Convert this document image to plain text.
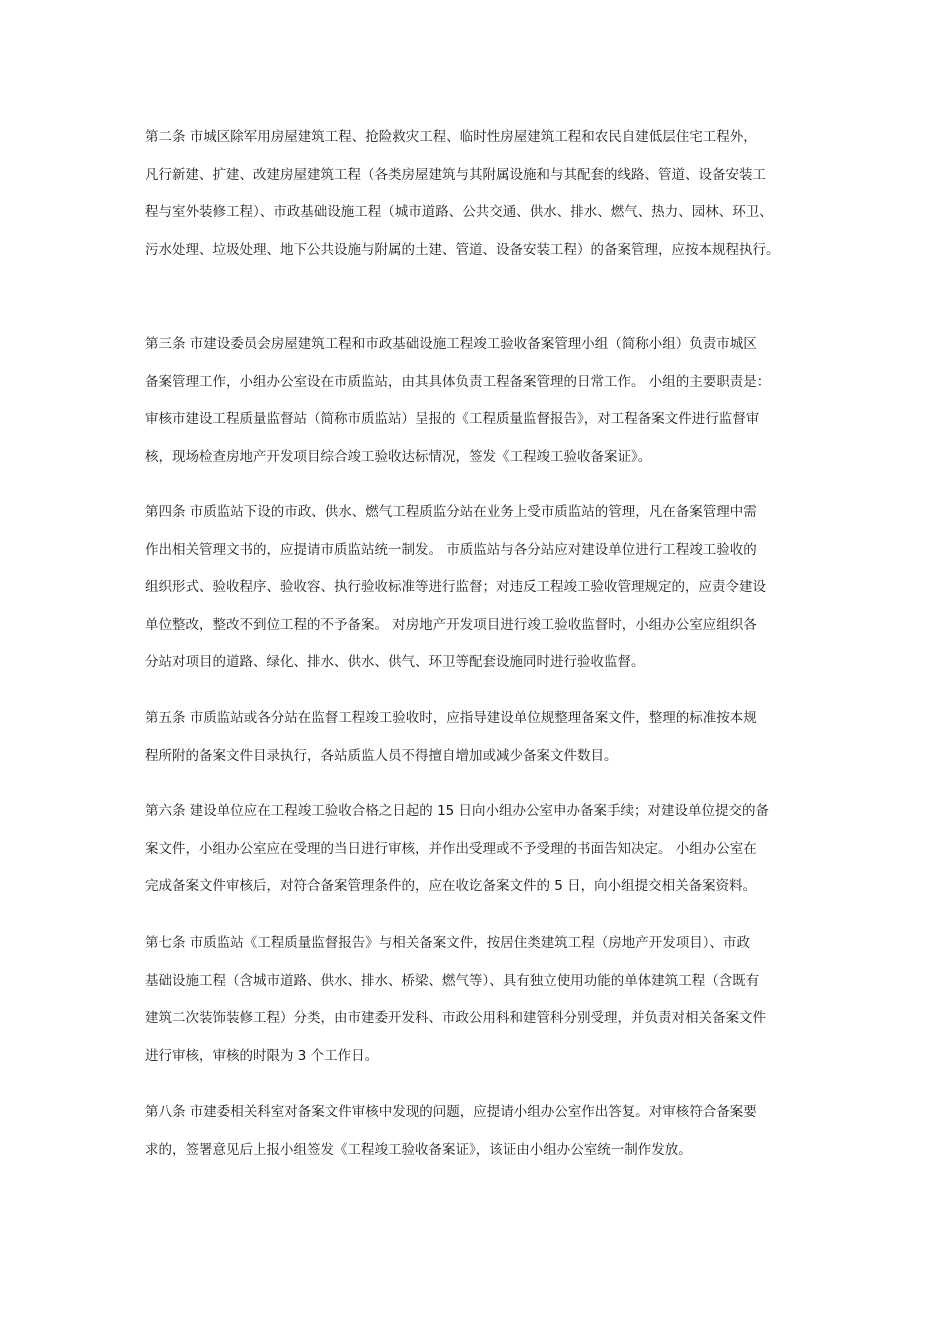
第二条 市城区除军用房屋建筑工程、抢险救灾工程、临时性房屋建筑工程和农民自建低层住宅工程外，
凡行新建、扩建、改建房屋建筑工程（各类房屋建筑与其附属设施和与其配套的线路、管道、设备安装工
程与室外装修工程）、市政基础设施工程（城市道路、公共交通、供水、排水、燃气、热力、园林、环卫、
污水处理、垃圾处理、地下公共设施与附属的土建、管道、设备安装工程）的备案管理，应按本规程执行。
第三条 市建设委员会房屋建筑工程和市政基础设施工程竣工验收备案管理小组（简称小组）负责市城区
备案管理工作，小组办公室设在市质监站，由其具体负责工程备案管理的日常工作。 小组的主要职责是：
审核市建设工程质量监督站（简称市质监站）呈报的《工程质量监督报告》，对工程备案文件进行监督审
核，现场检查房地产开发项目综合竣工验收达标情况，签发《工程竣工验收备案证》。
第四条 市质监站下设的市政、供水、燃气工程质监分站在业务上受市质监站的管理，凡在备案管理中需
作出相关管理文书的，应提请市质监站统一制发。 市质监站与各分站应对建设单位进行工程竣工验收的
组织形式、验收程序、验收容、执行验收标准等进行监督；对违反工程竣工验收管理规定的，应责令建设
单位整改，整改不到位工程的不予备案。 对房地产开发项目进行竣工验收监督时，小组办公室应组织各
分站对项目的道路、绿化、排水、供水、供气、环卫等配套设施同时进行验收监督。
第五条 市质监站或各分站在监督工程竣工验收时，应指导建设单位规整理备案文件，整理的标准按本规
程所附的备案文件目录执行，各站质监人员不得擅自增加或减少备案文件数目。
第六条 建设单位应在工程竣工验收合格之日起的 15 日向小组办公室申办备案手续；对建设单位提交的备
案文件，小组办公室应在受理的当日进行审核，并作出受理或不予受理的书面告知决定。 小组办公室在
完成备案文件审核后，对符合备案管理条件的，应在收讫备案文件的 5 日，向小组提交相关备案资料。
第七条 市质监站《工程质量监督报告》与相关备案文件，按居住类建筑工程（房地产开发项目）、市政
基础设施工程（含城市道路、供水、排水、桥梁、燃气等）、具有独立使用功能的单体建筑工程（含既有
建筑二次装饰装修工程）分类，由市建委开发科、市政公用科和建管科分别受理，并负责对相关备案文件
进行审核，审核的时限为 3 个工作日。
第八条 市建委相关科室对备案文件审核中发现的问题，应提请小组办公室作出答复。对审核符合备案要
求的，签署意见后上报小组签发《工程竣工验收备案证》，该证由小组办公室统一制作发放。
